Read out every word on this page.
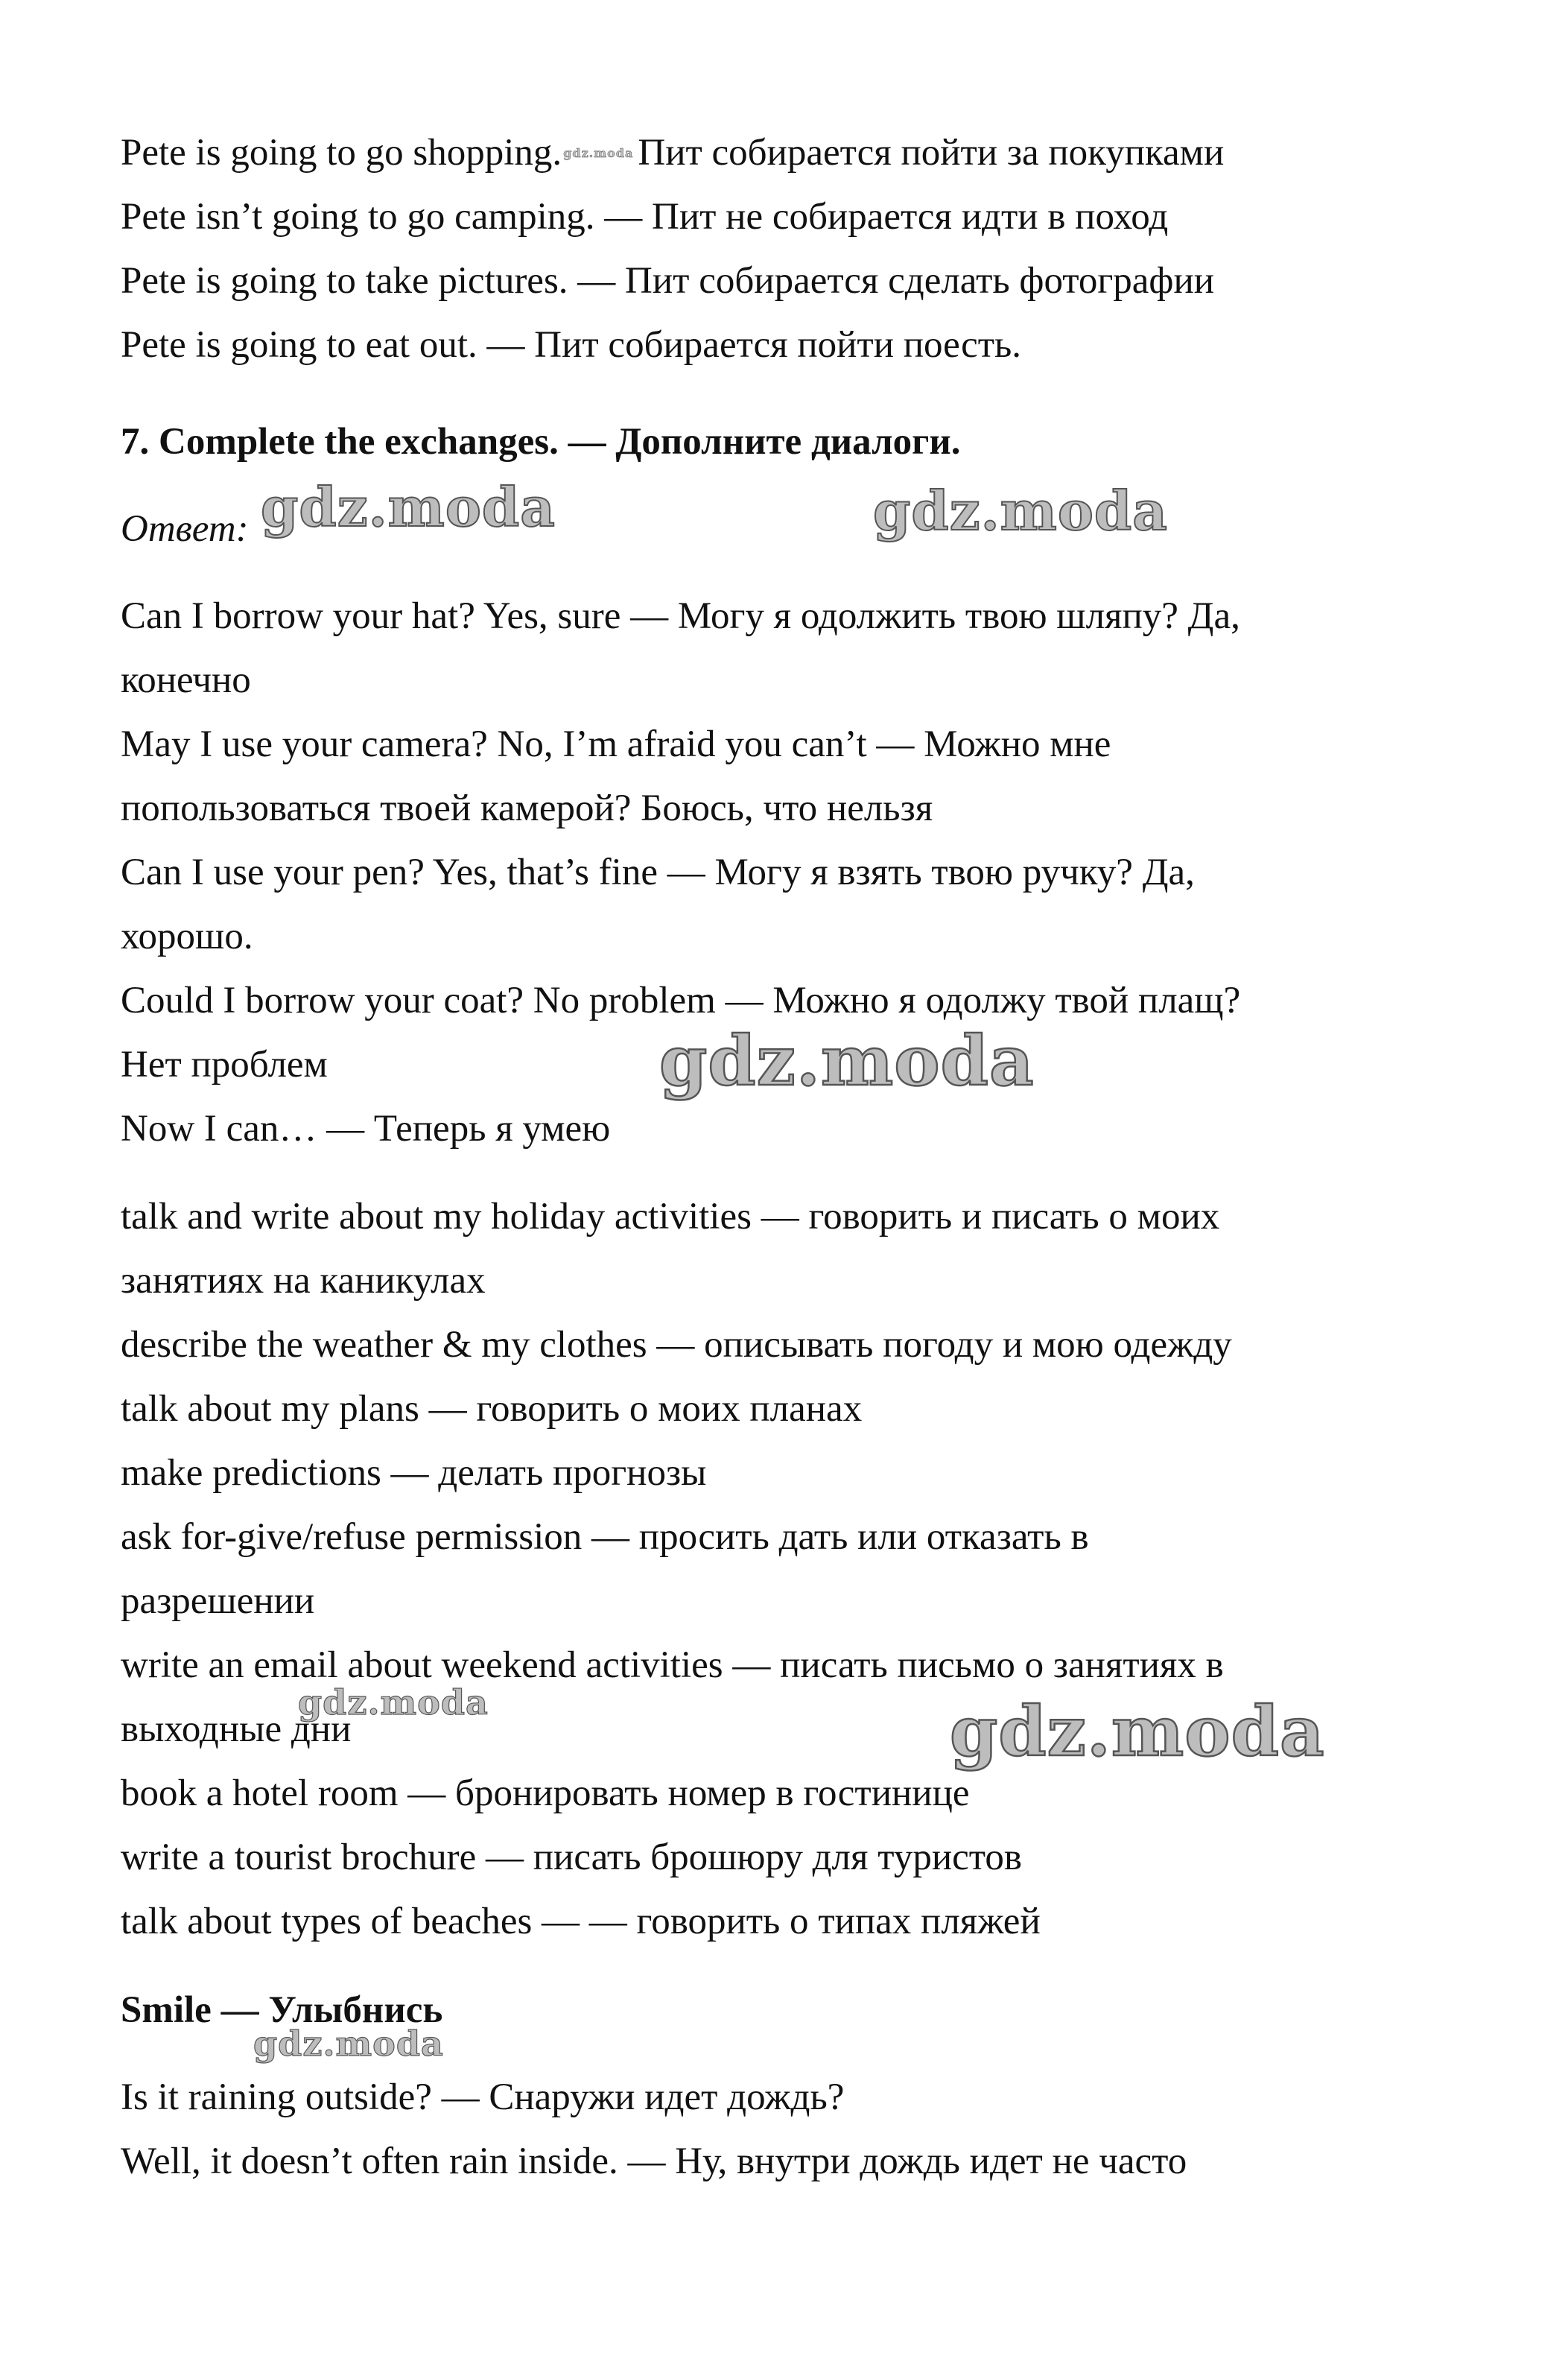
Pete is going to go shopping. gdz.moda Пит собирается пойти за покупками
Pete isn’t going to go camping. — Пит не собирается идти в поход
Pete is going to take pictures. — Пит собирается сделать фотографии
Pete is going to eat out. — Пит собирается пойти поесть.
7. Complete the exchanges. — Дополните диалоги.
Ответ: gdz.moda	gdz.moda
Can I borrow your hat? Yes, sure — Могу я одолжить твою шляпу? Да,
конечно
May I use your camera? No, I’m afraid you can’t — Можно мне
попользоваться твоей камерой? Боюсь, что нельзя
Can I use your pen? Yes, that’s fine — Могу я взять твою ручку? Да,
хорошо.
Could I borrow your coat? No problem — Можно я одолжу твой плащ?
Нет проблем	gdz.moda
Now I can… — Теперь я умею
talk and write about my holiday activities — говорить и писать о моих
занятиях на каникулах
describe the weather & my clothes — описывать погоду и мою одежду
talk about my plans — говорить о моих планах
make predictions — делать прогнозы
ask for-give/refuse permission — просить дать или отказать в
разрешении
write an email about weekend activities — писать письмо о занятиях в
gdz.moda
выходные дни	gdz.moda
book a hotel room — бронировать номер в гостинице
write a tourist brochure — писать брошюру для туристов
talk about types of beaches — — говорить о типах пляжей
Smile — Улыбнись
gdz.moda
Is it raining outside? — Снаружи идет дождь?
Well, it doesn’t often rain inside. — Ну, внутри дождь идет не часто
